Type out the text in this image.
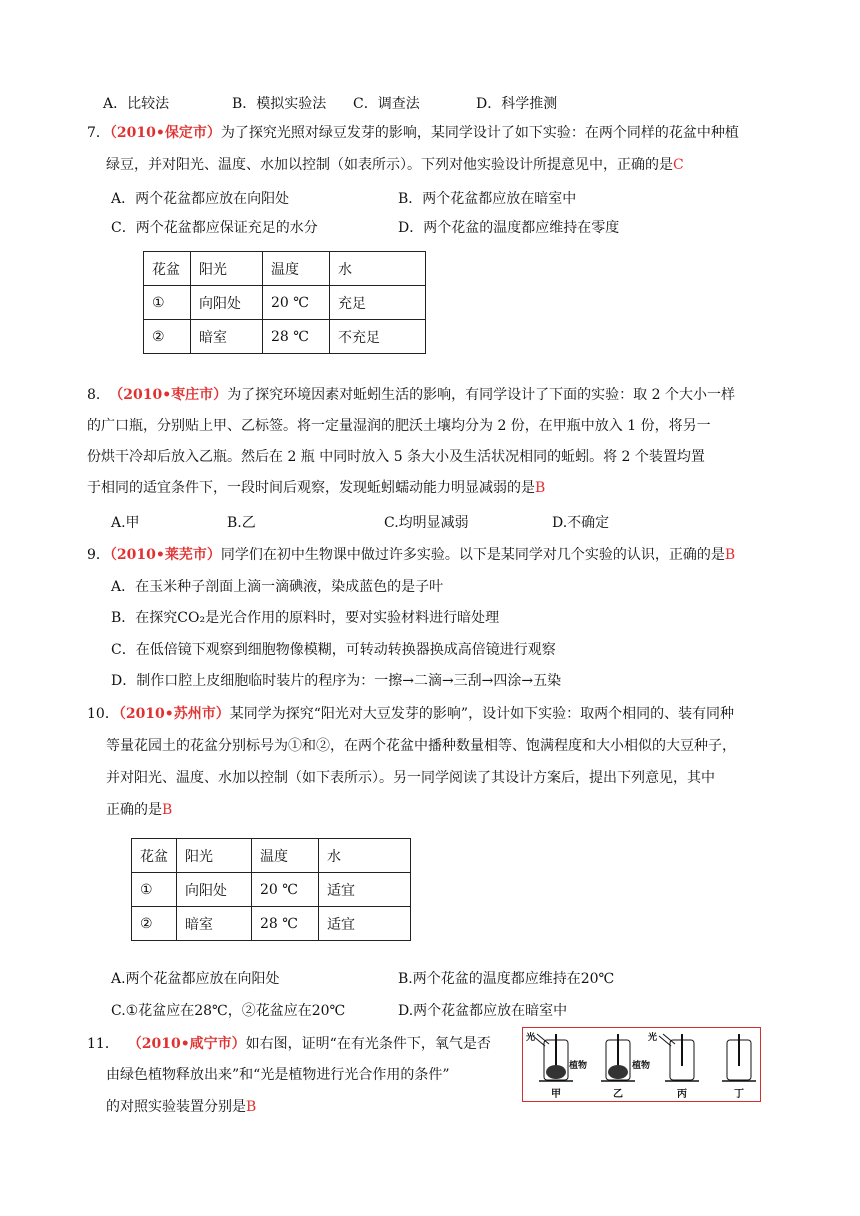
A．比较法	B．模拟实验法 C．调查法	D．科学推测
7．（2010•保定市）为了探究光照对绿豆发芽的影响，某同学设计了如下实验：在两个同样的花盆中种植
绿豆，并对阳光、温度、水加以控制（如表所示）。下列对他实验设计所提意见中，正确的是C
A．两个花盆都应放在向阳处	B．两个花盆都应放在暗室中
C．两个花盆都应保证充足的水分	D．两个花盆的温度都应维持在零度
花盆	阳光	温度	水
①	向阳处	20 ℃	充足
②	暗室	28 ℃	不充足
8. （2010•枣庄市）为了探究环境因素对蚯蚓生活的影响，有同学设计了下面的实验：取 2 个大小一样
的广口瓶，分别贴上甲、乙标签。将一定量湿润的肥沃土壤均分为 2 份，在甲瓶中放入 1 份，将另一
份烘干冷却后放入乙瓶。然后在 2 瓶 中同时放入 5 条大小及生活状况相同的蚯蚓。将 2 个装置均置
于相同的适宜条件下，一段时间后观察，发现蚯蚓蠕动能力明显减弱的是B
A.甲	B.乙	C.均明显减弱	D.不确定
9．（2010•莱芜市）同学们在初中生物课中做过许多实验。以下是某同学对几个实验的认识，正确的是B
A．在玉米种子剖面上滴一滴碘液，染成蓝色的是子叶
B．在探究CO₂是光合作用的原料时，要对实验材料进行暗处理
C．在低倍镜下观察到细胞物像模糊，可转动转换器换成高倍镜进行观察
D．制作口腔上皮细胞临时装片的程序为：一擦→二滴→三刮→四涂→五染
10．（2010•苏州市）某同学为探究“阳光对大豆发芽的影响”，设计如下实验：取两个相同的、装有同种
等量花园土的花盆分别标号为①和②，在两个花盆中播种数量相等、饱满程度和大小相似的大豆种子，
并对阳光、温度、水加以控制（如下表所示）。另一同学阅读了其设计方案后，提出下列意见，其中
正确的是B
花盆	阳光	温度	水
①	向阳处	20 ℃	适宜
②	暗室	28 ℃	适宜
A.两个花盆都应放在向阳处	B.两个花盆的温度都应维持在20℃
C.①花盆应在28℃，②花盆应在20℃	D.两个花盆都应放在暗室中
11． （2010•咸宁市）如右图，证明“在有光条件下，氧气是否
由绿色植物释放出来”和“光是植物进行光合作用的条件”
的对照实验装置分别是B
光	光
植物	植物
甲	乙	丙	丁
